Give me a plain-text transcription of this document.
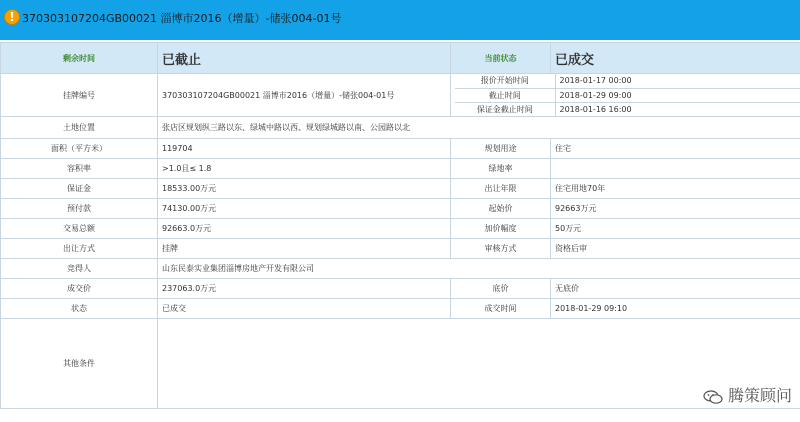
! 37030310720​4GB00021 淄博市2016（增量）-储张004-01号
剩余时间	已截止	当前状态	已成交
挂牌编号	370303107204GB00021 淄博市2016（增量）-储张004-01号	
报价开始时间	2018-01-17 00:00
截止时间	2018-01-29 09:00
保证金截止时间	2018-01-16 16:00

土地位置	张店区规划纵三路以东、绿城中路以西、规划绿城路以南、公园路以北
面积（平方米）	119704	规划用途	住宅
容积率	>1.0且≤ 1.8	绿地率	
保证金	18533.00万元	出让年限	住宅用地70年
预付款	74130.00万元	起始价	92663万元
交易总额	92663.0万元	加价幅度	50万元
出让方式	挂牌	审核方式	资格后审
竞得人	山东民泰实业集团淄博房地产开发有限公司
成交价	237063.0万元	底价	无底价
状态	已成交	成交时间	2018-01-29 09:10
其他条件	
腾策顾问
